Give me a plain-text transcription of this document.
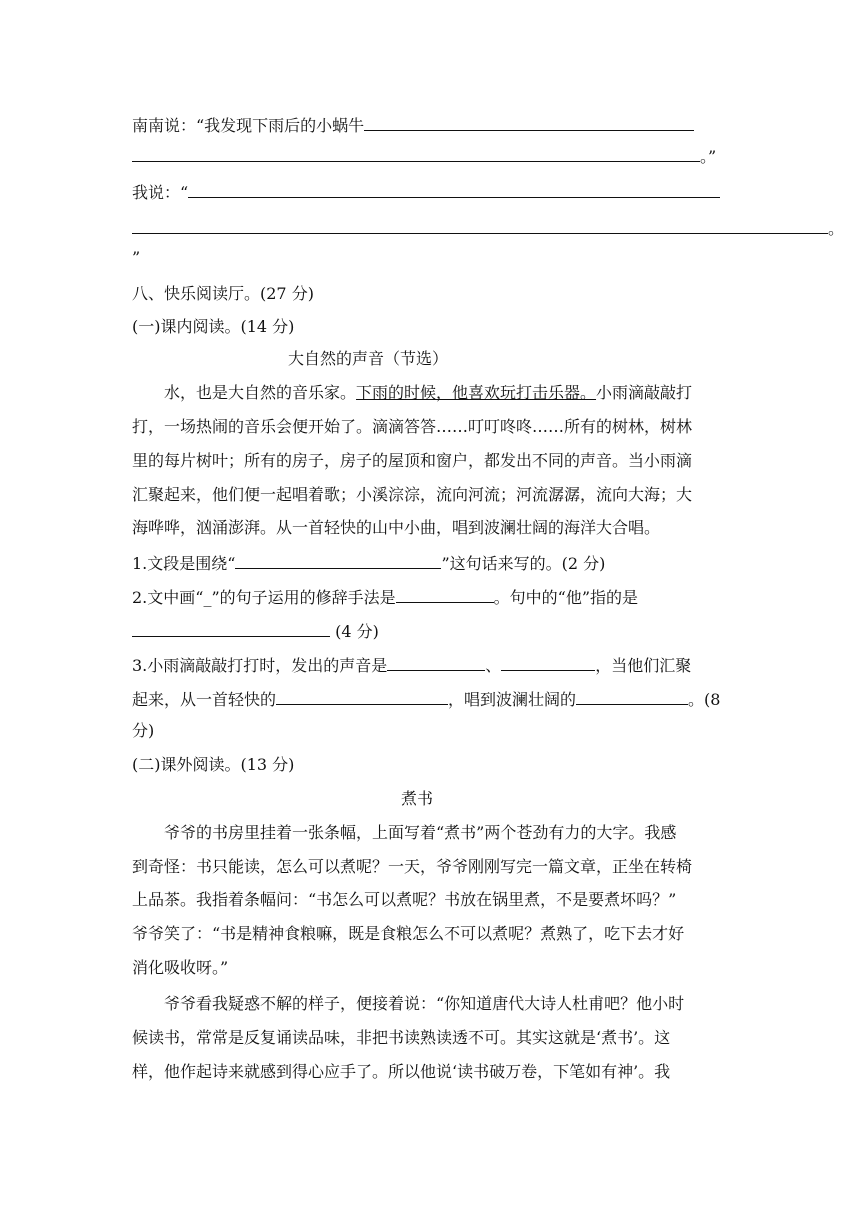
南南说：“我发现下雨后的小蜗牛
。”
我说：“
。
”
八、快乐阅读厅。(27 分)
(一)课内阅读。(14 分)
大自然的声音（节选）
水，也是大自然的音乐家。下雨的时候，他喜欢玩打击乐器。小雨滴敲敲打
打，一场热闹的音乐会便开始了。滴滴答答……叮叮咚咚……所有的树林，树林
里的每片树叶；所有的房子，房子的屋顶和窗户，都发出不同的声音。当小雨滴
汇聚起来，他们便一起唱着歌；小溪淙淙，流向河流；河流潺潺，流向大海；大
海哗哗，汹涌澎湃。从一首轻快的山中小曲，唱到波澜壮阔的海洋大合唱。
1.文段是围绕“	”这句话来写的。(2 分)
2.文中画“_”的句子运用的修辞手法是	。句中的“他”指的是
(4 分)
3.小雨滴敲敲打打时，发出的声音是	、	，当他们汇聚
起来，从一首轻快的	，唱到波澜壮阔的	。(8
分)
(二)课外阅读。(13 分)
煮书
爷爷的书房里挂着一张条幅，上面写着“煮书”两个苍劲有力的大字。我感
到奇怪：书只能读，怎么可以煮呢？一天，爷爷刚刚写完一篇文章，正坐在转椅
上品茶。我指着条幅问：“书怎么可以煮呢？书放在锅里煮，不是要煮坏吗？”
爷爷笑了：“书是精神食粮嘛，既是食粮怎么不可以煮呢？煮熟了，吃下去才好
消化吸收呀。”
爷爷看我疑惑不解的样子，便接着说：“你知道唐代大诗人杜甫吧？他小时
候读书，常常是反复诵读品味，非把书读熟读透不可。其实这就是‘煮书’。这
样，他作起诗来就感到得心应手了。所以他说‘读书破万卷，下笔如有神’。我
